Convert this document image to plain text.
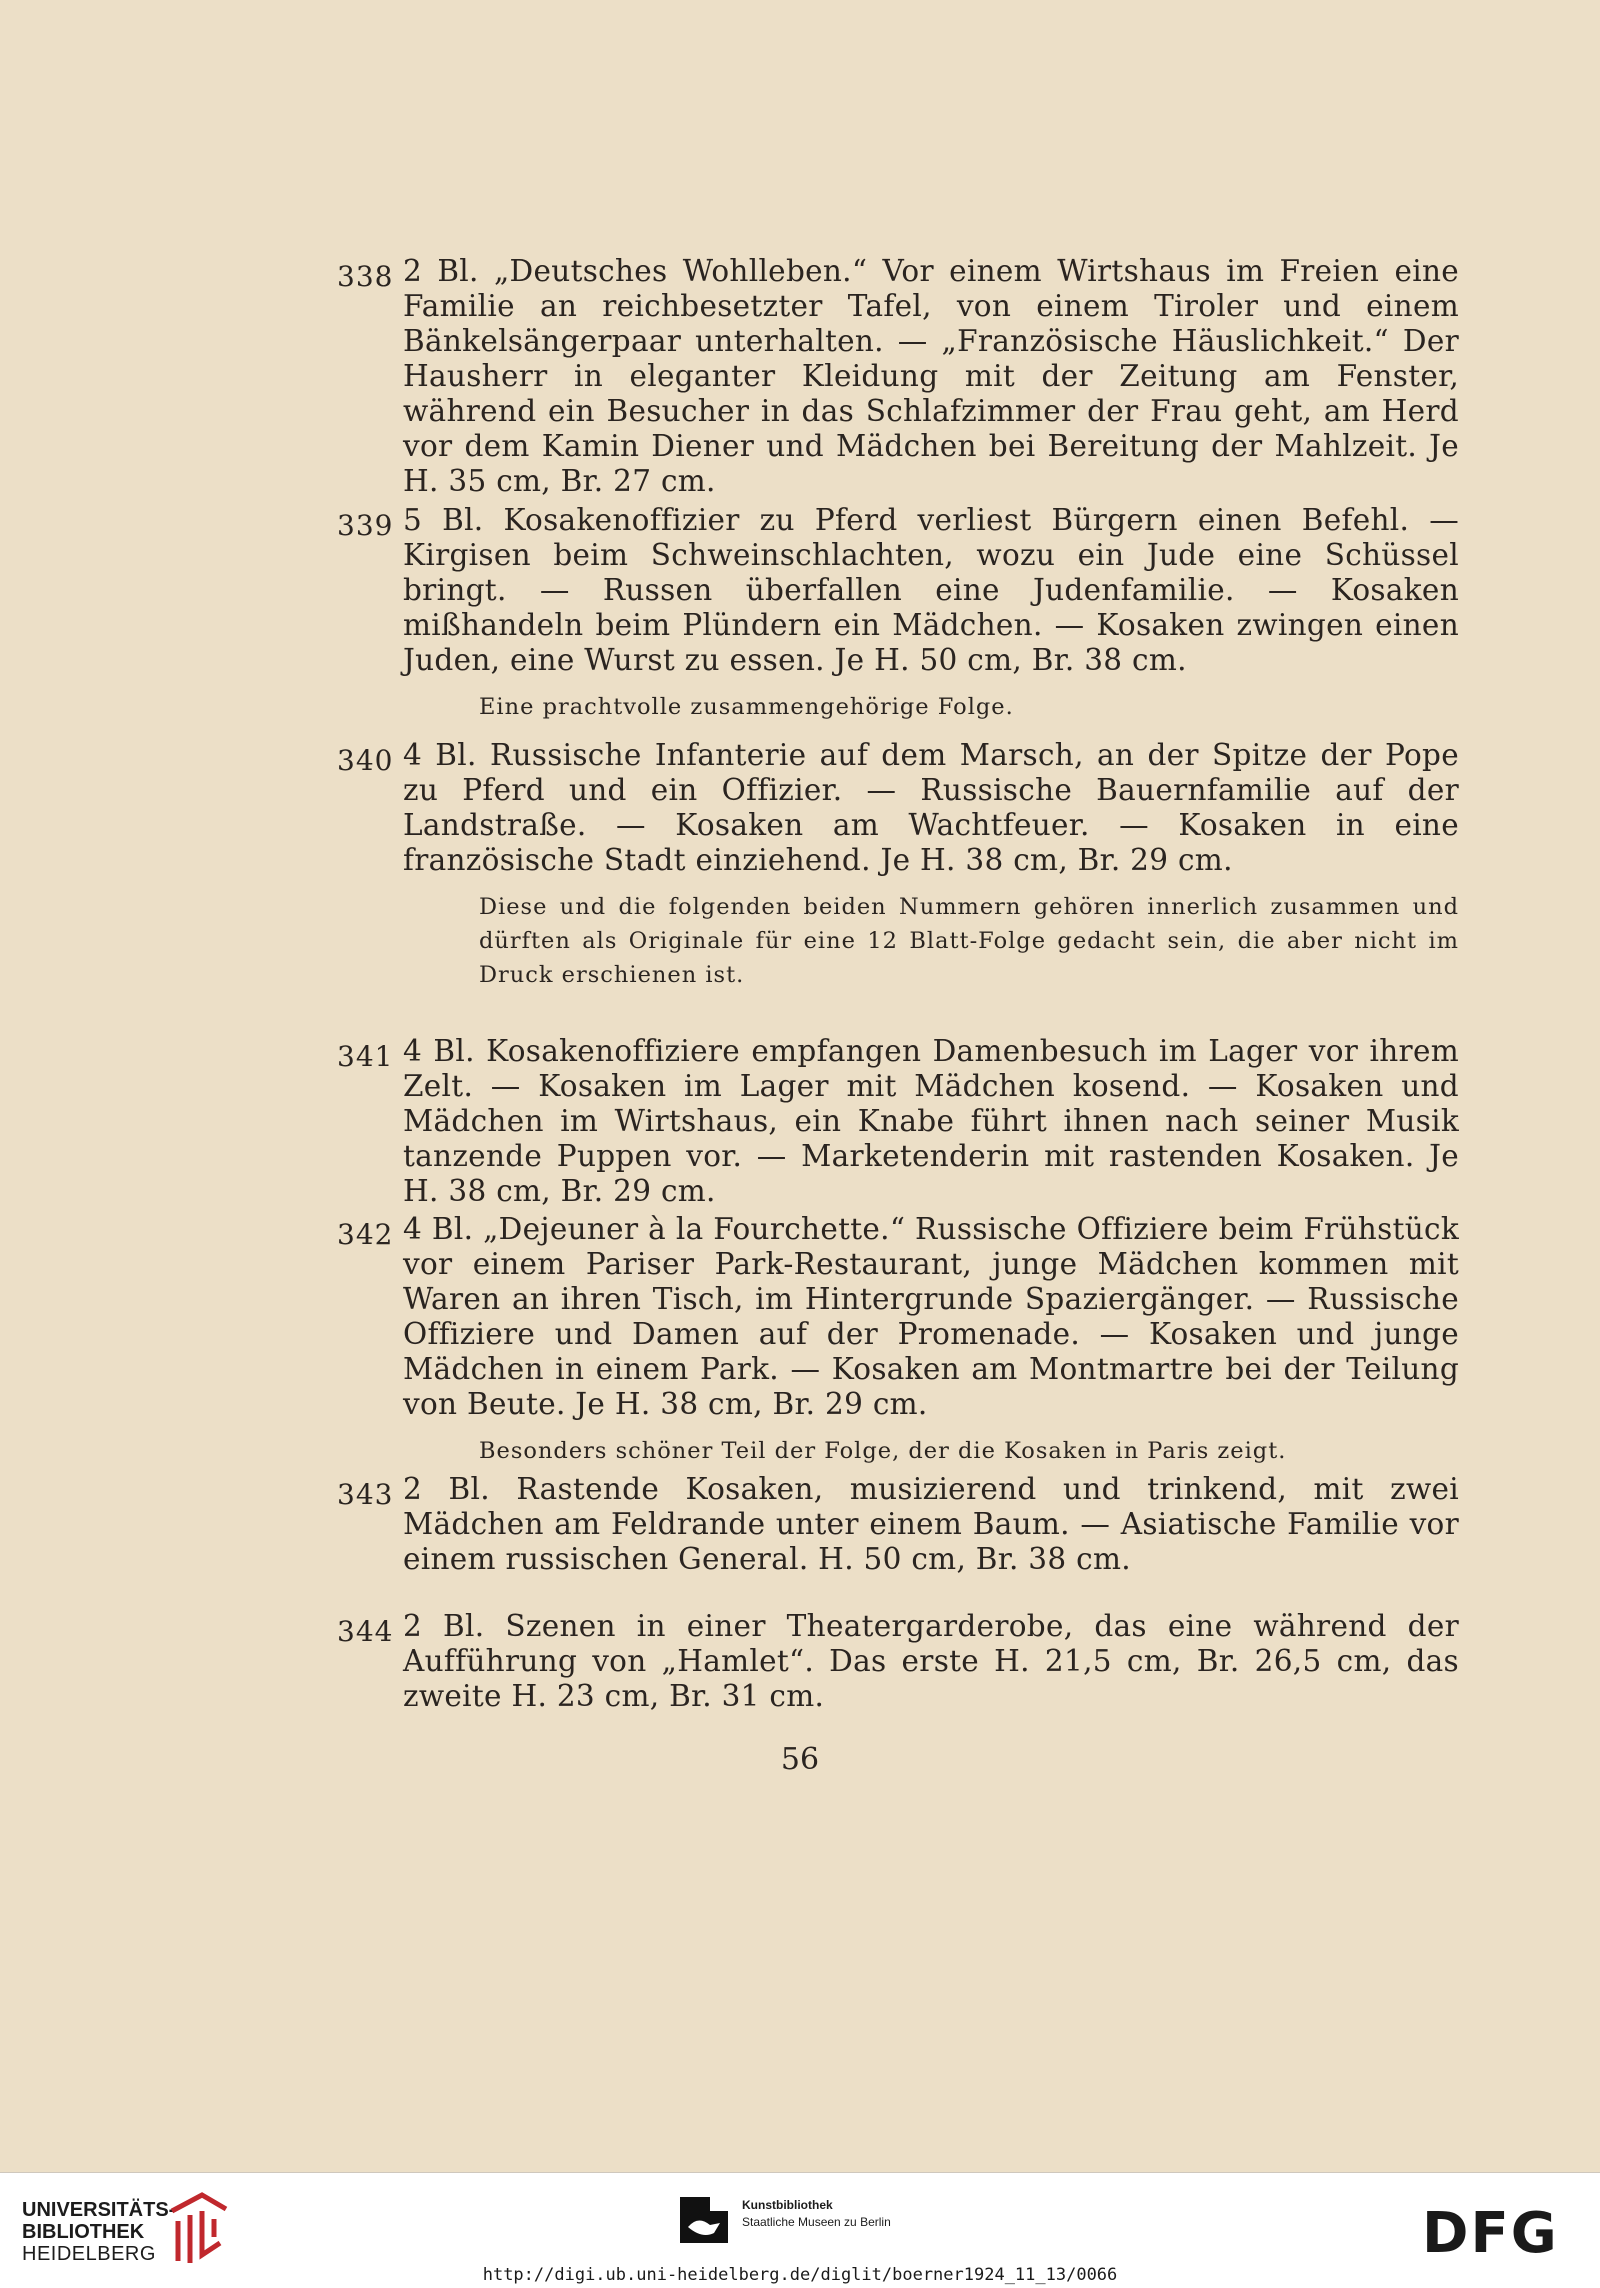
338 2 Bl. „Deutsches Wohlleben.“ Vor einem Wirtshaus im Freien eine Familie an reichbesetzter Tafel, von einem Tiroler und einem Bänkelsängerpaar unterhalten. — „Französische Häuslichkeit.“ Der Hausherr in eleganter Kleidung mit der Zeitung am Fenster, während ein Besucher in das Schlafzimmer der Frau geht, am Herd vor dem Kamin Diener und Mädchen bei Bereitung der Mahlzeit. Je H. 35 cm, Br. 27 cm.
339 5 Bl. Kosakenoffizier zu Pferd verliest Bürgern einen Befehl. — Kirgisen beim Schweinschlachten, wozu ein Jude eine Schüssel bringt. — Russen überfallen eine Judenfamilie. — Kosaken mißhandeln beim Plündern ein Mädchen. — Kosaken zwingen einen Juden, eine Wurst zu essen. Je H. 50 cm, Br. 38 cm.
Eine prachtvolle zusammengehörige Folge.
340 4 Bl. Russische Infanterie auf dem Marsch, an der Spitze der Pope zu Pferd und ein Offizier. — Russische Bauernfamilie auf der Landstraße. — Kosaken am Wachtfeuer. — Kosaken in eine französische Stadt einziehend. Je H. 38 cm, Br. 29 cm.
Diese und die folgenden beiden Nummern gehören innerlich zusammen und dürften als Originale für eine 12 Blatt-Folge gedacht sein, die aber nicht im Druck erschienen ist.
341 4 Bl. Kosakenoffiziere empfangen Damenbesuch im Lager vor ihrem Zelt. — Kosaken im Lager mit Mädchen kosend. — Kosaken und Mädchen im Wirtshaus, ein Knabe führt ihnen nach seiner Musik tanzende Puppen vor. — Marketenderin mit rastenden Kosaken. Je H. 38 cm, Br. 29 cm.
342 4 Bl. „Dejeuner à la Fourchette.“ Russische Offiziere beim Frühstück vor einem Pariser Park-Restaurant, junge Mädchen kommen mit Waren an ihren Tisch, im Hintergrunde Spaziergänger. — Russische Offiziere und Damen auf der Promenade. — Kosaken und junge Mädchen in einem Park. — Kosaken am Montmartre bei der Teilung von Beute. Je H. 38 cm, Br. 29 cm.
Besonders schöner Teil der Folge, der die Kosaken in Paris zeigt.
343 2 Bl. Rastende Kosaken, musizierend und trinkend, mit zwei Mädchen am Feldrande unter einem Baum. — Asiatische Familie vor einem russischen General. H. 50 cm, Br. 38 cm.
344 2 Bl. Szenen in einer Theatergarderobe, das eine während der Aufführung von „Hamlet“. Das erste H. 21,5 cm, Br. 26,5 cm, das zweite H. 23 cm, Br. 31 cm.
56
UNIVERSITÄTS-
BIBLIOTHEK
HEIDELBERG
Kunstbibliothek
Staatliche Museen zu Berlin	DFG
http://digi.ub.uni-heidelberg.de/diglit/boerner1924_11_13/0066
